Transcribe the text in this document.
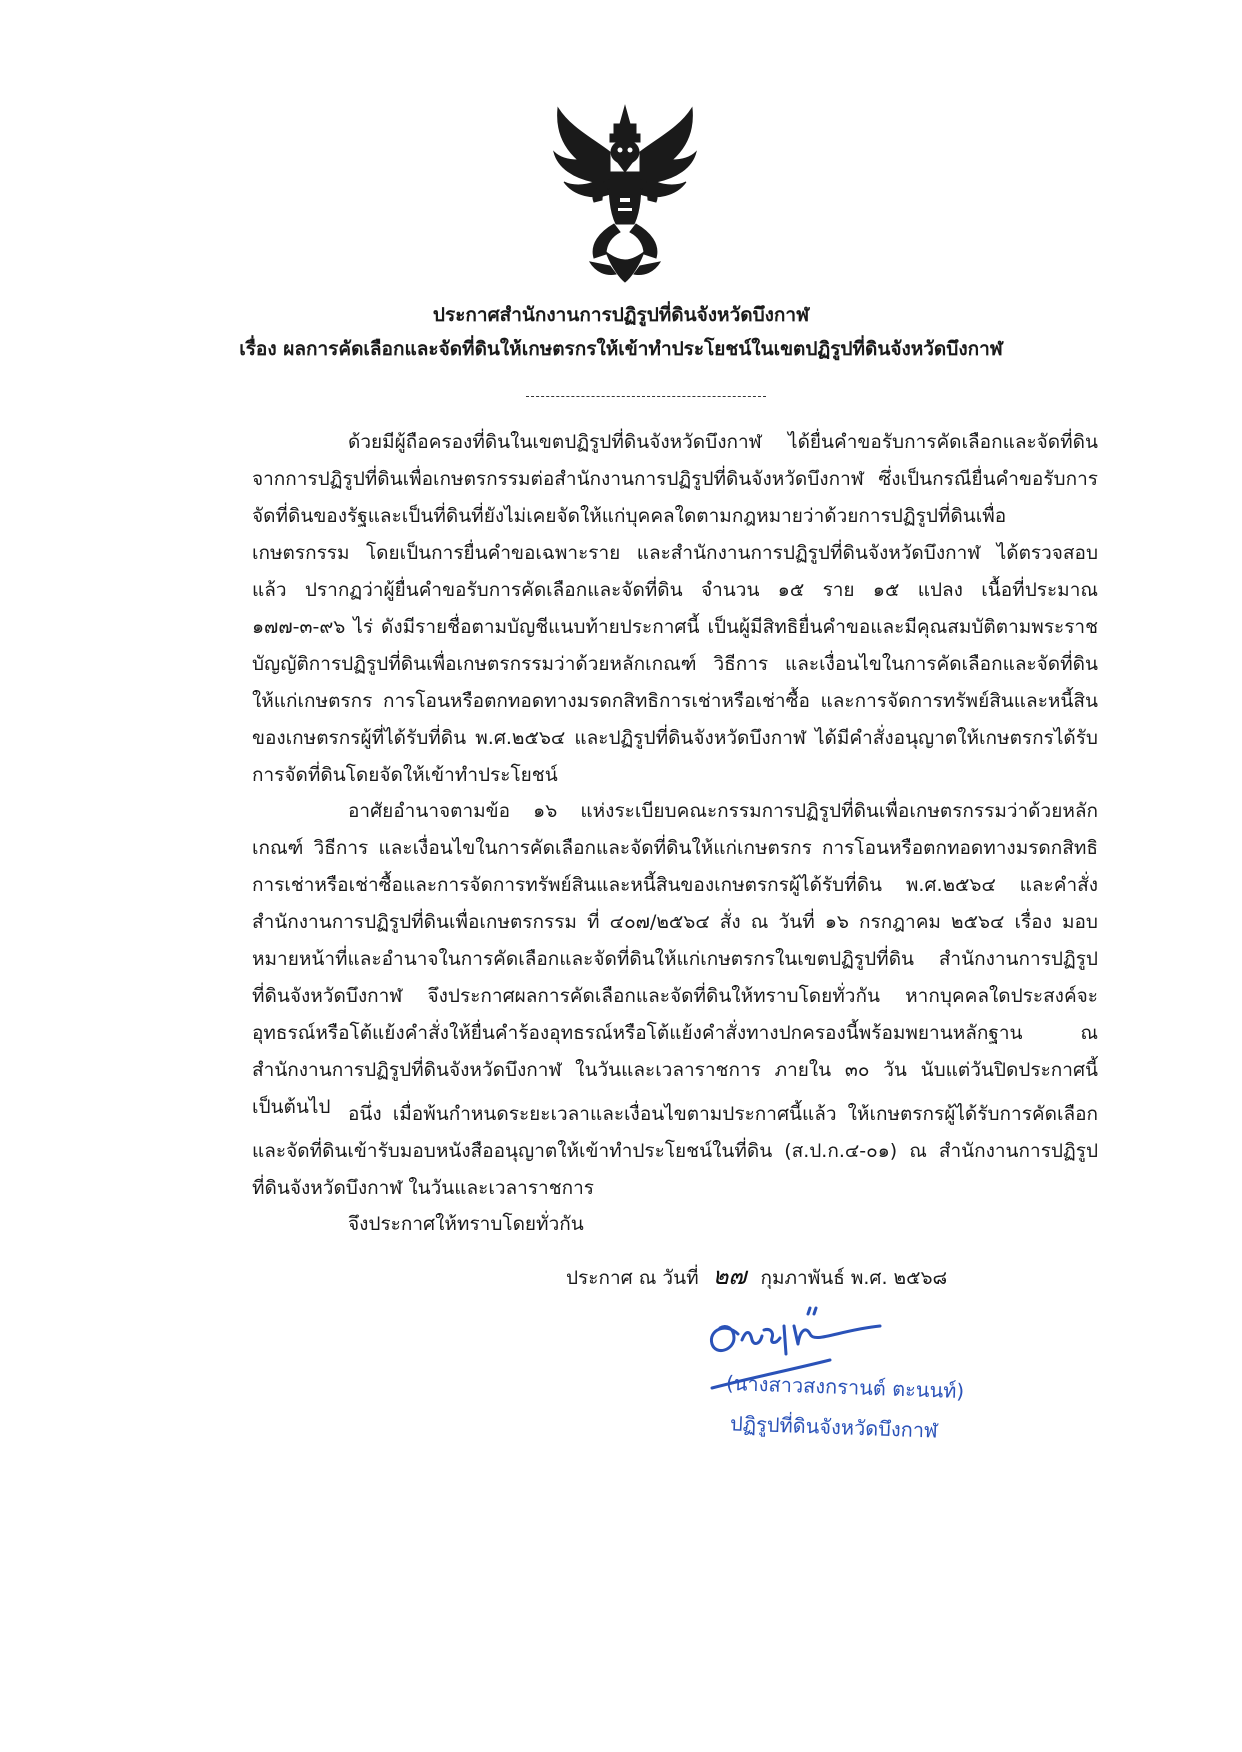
ประกาศสำนักงานการปฏิรูปที่ดินจังหวัดบึงกาฬ
เรื่อง ผลการคัดเลือกและจัดที่ดินให้เกษตรกรให้เข้าทำประโยชน์ในเขตปฏิรูปที่ดินจังหวัดบึงกาฬ

ด้วยมีผู้ถือครองที่ดินในเขตปฏิรูปที่ดินจังหวัดบึงกาฬ ได้ยื่นคำขอรับการคัดเลือกและจัดที่ดินจากการปฏิรูปที่ดินเพื่อเกษตรกรรมต่อสำนักงานการปฏิรูปที่ดินจังหวัดบึงกาฬ ซึ่งเป็นกรณียื่นคำขอรับการจัดที่ดินของรัฐและเป็นที่ดินที่ยังไม่เคยจัดให้แก่บุคคลใดตามกฎหมายว่าด้วยการปฏิรูปที่ดินเพื่อเกษตรกรรม โดยเป็นการยื่นคำขอเฉพาะราย และสำนักงานการปฏิรูปที่ดินจังหวัดบึงกาฬ ได้ตรวจสอบแล้ว ปรากฏว่าผู้ยื่นคำขอรับการคัดเลือกและจัดที่ดิน จำนวน ๑๕ ราย ๑๕ แปลง เนื้อที่ประมาณ ๑๗๗-๓-๙๖ ไร่ ดังมีรายชื่อตามบัญชีแนบท้ายประกาศนี้ เป็นผู้มีสิทธิยื่นคำขอและมีคุณสมบัติตามพระราชบัญญัติการปฏิรูปที่ดินเพื่อเกษตรกรรมว่าด้วยหลักเกณฑ์ วิธีการ และเงื่อนไขในการคัดเลือกและจัดที่ดินให้แก่เกษตรกร การโอนหรือตกทอดทางมรดกสิทธิการเช่าหรือเช่าซื้อ และการจัดการทรัพย์สินและหนี้สินของเกษตรกรผู้ที่ได้รับที่ดิน พ.ศ.๒๕๖๔ และปฏิรูปที่ดินจังหวัดบึงกาฬ ได้มีคำสั่งอนุญาตให้เกษตรกรได้รับการจัดที่ดินโดยจัดให้เข้าทำประโยชน์

อาศัยอำนาจตามข้อ ๑๖ แห่งระเบียบคณะกรรมการปฏิรูปที่ดินเพื่อเกษตรกรรมว่าด้วยหลักเกณฑ์ วิธีการ และเงื่อนไขในการคัดเลือกและจัดที่ดินให้แก่เกษตรกร การโอนหรือตกทอดทางมรดกสิทธิการเช่าหรือเช่าซื้อและการจัดการทรัพย์สินและหนี้สินของเกษตรกรผู้ได้รับที่ดิน พ.ศ.๒๕๖๔ และคำสั่งสำนักงานการปฏิรูปที่ดินเพื่อเกษตรกรรม ที่ ๔๐๗/๒๕๖๔ สั่ง ณ วันที่ ๑๖ กรกฎาคม ๒๕๖๔ เรื่อง มอบหมายหน้าที่และอำนาจในการคัดเลือกและจัดที่ดินให้แก่เกษตรกรในเขตปฏิรูปที่ดิน สำนักงานการปฏิรูปที่ดินจังหวัดบึงกาฬ จึงประกาศผลการคัดเลือกและจัดที่ดินให้ทราบโดยทั่วกัน หากบุคคลใดประสงค์จะอุทธรณ์หรือโต้แย้งคำสั่งให้ยื่นคำร้องอุทธรณ์หรือโต้แย้งคำสั่งทางปกครองนี้พร้อมพยานหลักฐาน ณ สำนักงานการปฏิรูปที่ดินจังหวัดบึงกาฬ ในวันและเวลาราชการ ภายใน ๓๐ วัน นับแต่วันปิดประกาศนี้เป็นต้นไป อนึ่ง เมื่อพ้นกำหนดระยะเวลาและเงื่อนไขตามประกาศนี้แล้ว ให้เกษตรกรผู้ได้รับการคัดเลือกและจัดที่ดินเข้ารับมอบหนังสืออนุญาตให้เข้าทำประโยชน์ในที่ดิน (ส.ป.ก.๔-๐๑) ณ สำนักงานการปฏิรูปที่ดินจังหวัดบึงกาฬ ในวันและเวลาราชการ

จึงประกาศให้ทราบโดยทั่วกัน
ประกาศ ณ วันที่ ๒๗ กุมภาพันธ์ พ.ศ. ๒๕๖๘
(นางสาวสงกรานต์ ตะนนท์)
ปฏิรูปที่ดินจังหวัดบึงกาฬ
